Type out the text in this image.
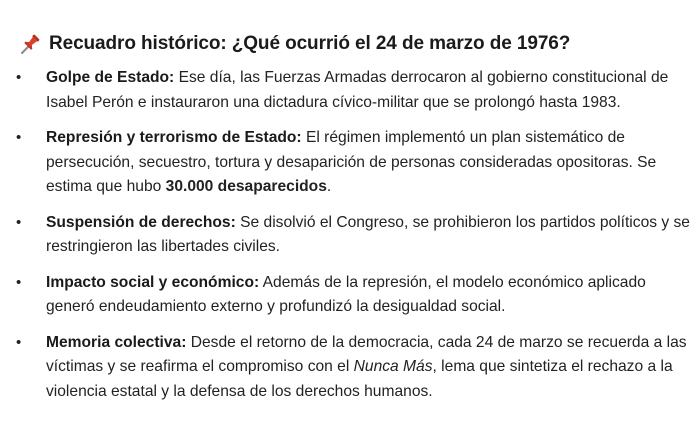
Recuadro histórico: ¿Qué ocurrió el 24 de marzo de 1976?
• Golpe de Estado: Ese día, las Fuerzas Armadas derrocaron al gobierno constitucional de Isabel Perón e instauraron una dictadura cívico-militar que se prolongó hasta 1983.
• Represión y terrorismo de Estado: El régimen implementó un plan sistemático de persecución, secuestro, tortura y desaparición de personas consideradas opositoras. Se estima que hubo 30.000 desaparecidos.
• Suspensión de derechos: Se disolvió el Congreso, se prohibieron los partidos políticos y se restringieron las libertades civiles.
• Impacto social y económico: Además de la represión, el modelo económico aplicado generó endeudamiento externo y profundizó la desigualdad social.
• Memoria colectiva: Desde el retorno de la democracia, cada 24 de marzo se recuerda a las víctimas y se reafirma el compromiso con el Nunca Más, lema que sintetiza el rechazo a la violencia estatal y la defensa de los derechos humanos.
